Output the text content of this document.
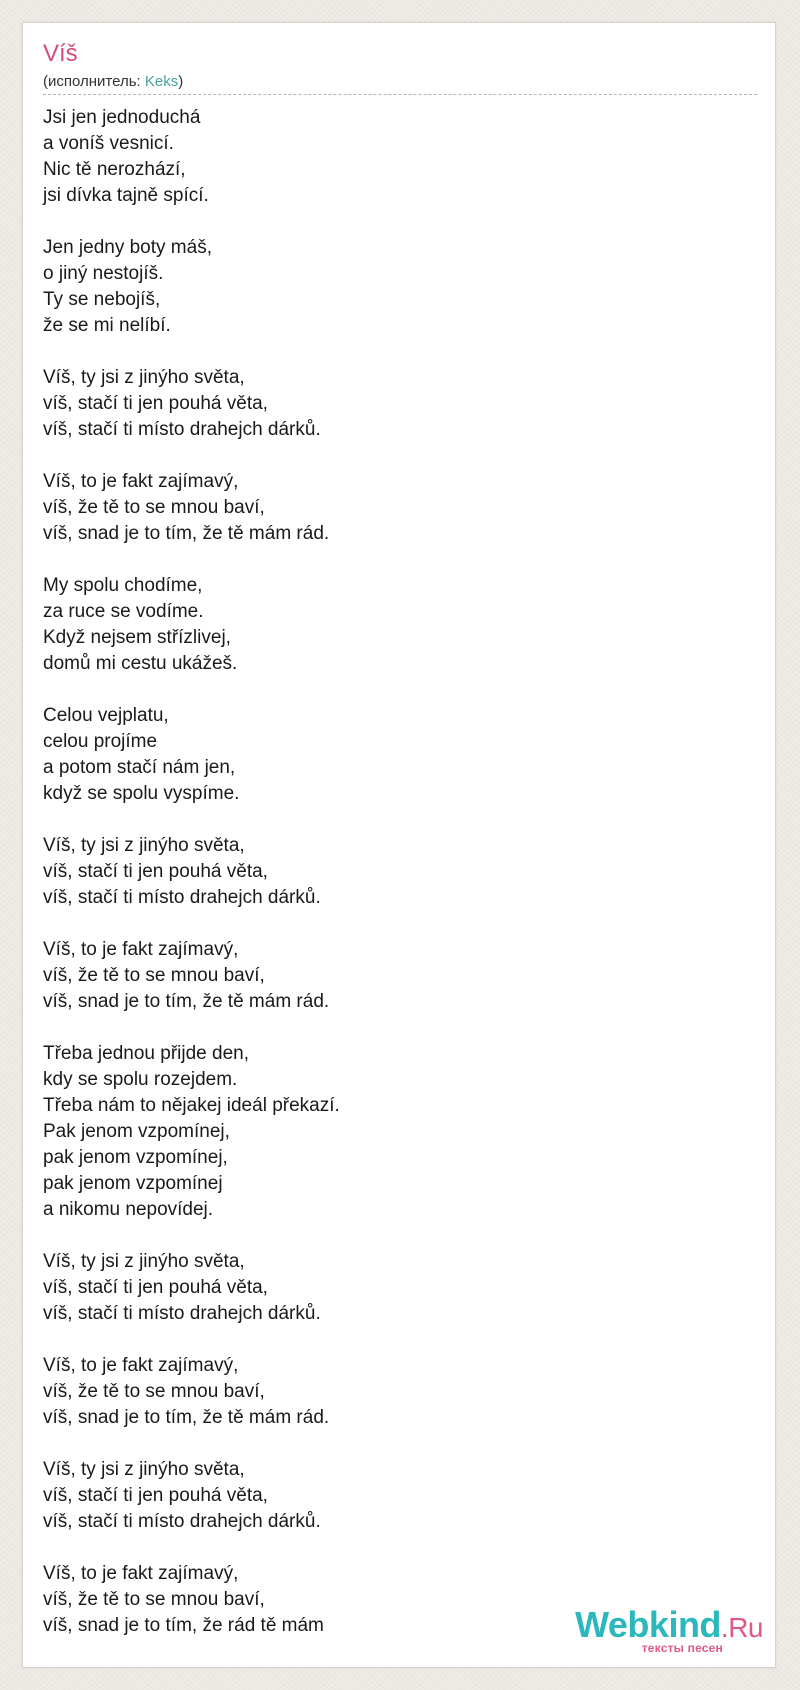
Víš
(исполнитель: Keks)
Jsi jen jednoduchá
a voníš vesnicí.
Nic tě nerozhází,
jsi dívka tajně spící.
Jen jedny boty máš,
o jiný nestojíš.
Ty se nebojíš,
že se mi nelíbí.
Víš, ty jsi z jinýho světa,
víš, stačí ti jen pouhá věta,
víš, stačí ti místo drahejch dárků.
Víš, to je fakt zajímavý,
víš, že tě to se mnou baví,
víš, snad je to tím, že tě mám rád.
My spolu chodíme,
za ruce se vodíme.
Když nejsem střízlivej,
domů mi cestu ukážeš.
Celou vejplatu,
celou projíme
a potom stačí nám jen,
když se spolu vyspíme.
Víš, ty jsi z jinýho světa,
víš, stačí ti jen pouhá věta,
víš, stačí ti místo drahejch dárků.
Víš, to je fakt zajímavý,
víš, že tě to se mnou baví,
víš, snad je to tím, že tě mám rád.
Třeba jednou přijde den,
kdy se spolu rozejdem.
Třeba nám to nějakej ideál překazí.
Pak jenom vzpomínej,
pak jenom vzpomínej,
pak jenom vzpomínej
a nikomu nepovídej.
Víš, ty jsi z jinýho světa,
víš, stačí ti jen pouhá věta,
víš, stačí ti místo drahejch dárků.
Víš, to je fakt zajímavý,
víš, že tě to se mnou baví,
víš, snad je to tím, že tě mám rád.
Víš, ty jsi z jinýho světa,
víš, stačí ti jen pouhá věta,
víš, stačí ti místo drahejch dárků.
Víš, to je fakt zajímavý,
víš, že tě to se mnou baví,
víš, snad je to tím, že rád tě mám	Webkind.Ru
тексты песен
